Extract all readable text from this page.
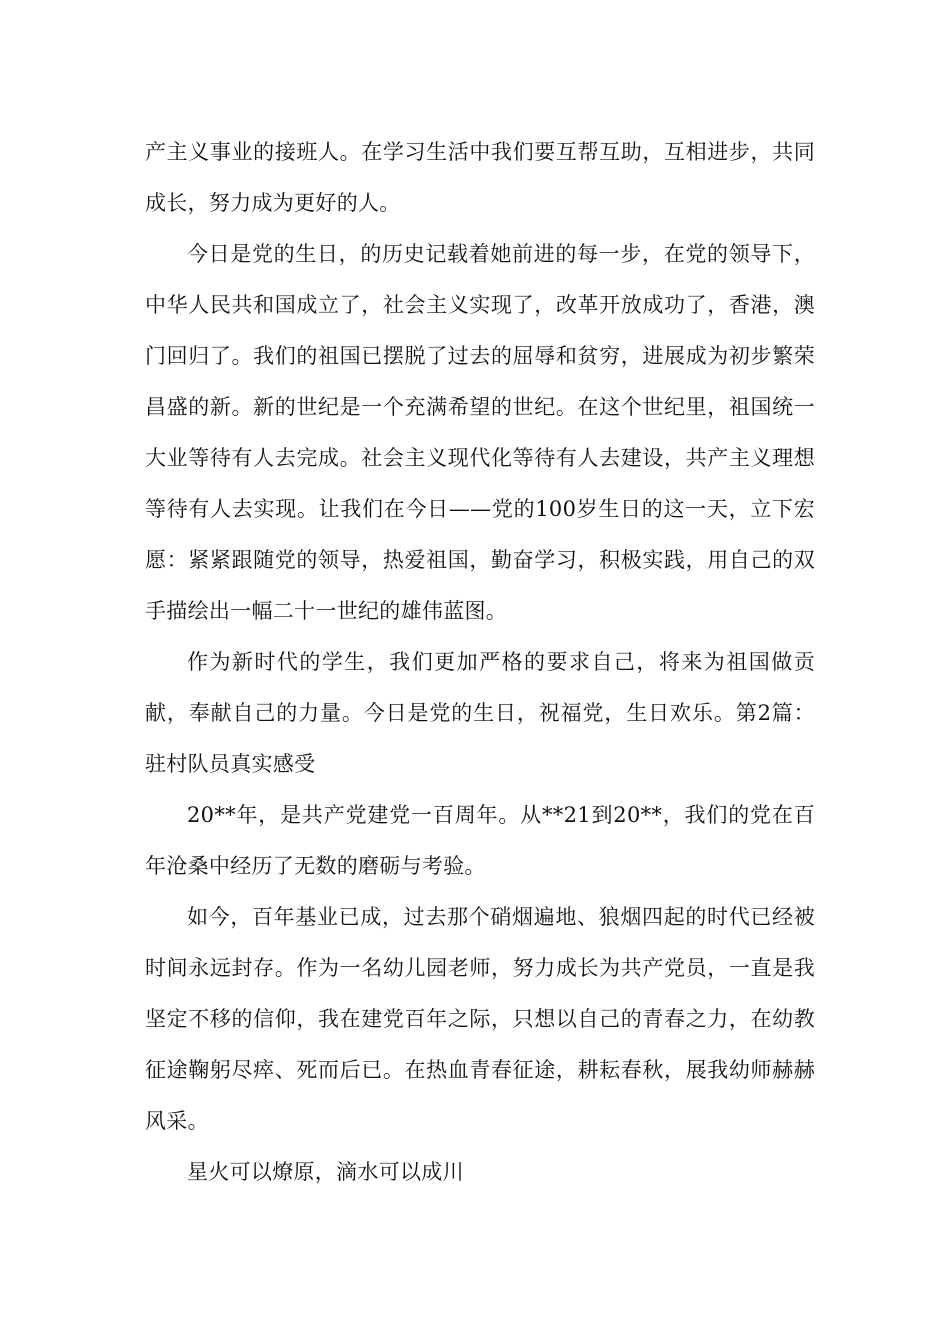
产主义事业的接班人。在学习生活中我们要互帮互助，互相进步，共同成长，努力成为更好的人。

今日是党的生日，的历史记载着她前进的每一步，在党的领导下，中华人民共和国成立了，社会主义实现了，改革开放成功了，香港，澳门回归了。我们的祖国已摆脱了过去的屈辱和贫穷，进展成为初步繁荣昌盛的新。新的世纪是一个充满希望的世纪。在这个世纪里，祖国统一大业等待有人去完成。社会主义现代化等待有人去建设，共产主义理想等待有人去实现。让我们在今日——党的100岁生日的这一天，立下宏愿：紧紧跟随党的领导，热爱祖国，勤奋学习，积极实践，用自己的双手描绘出一幅二十一世纪的雄伟蓝图。

作为新时代的学生，我们更加严格的要求自己，将来为祖国做贡献，奉献自己的力量。今日是党的生日，祝福党，生日欢乐。第2篇：驻村队员真实感受

20**年，是共产党建党一百周年。从**21到20**，我们的党在百年沧桑中经历了无数的磨砺与考验。

如今，百年基业已成，过去那个硝烟遍地、狼烟四起的时代已经被时间永远封存。作为一名幼儿园老师，努力成长为共产党员，一直是我坚定不移的信仰，我在建党百年之际，只想以自己的青春之力，在幼教征途鞠躬尽瘁、死而后已。在热血青春征途，耕耘春秋，展我幼师赫赫风采。

星火可以燎原，滴水可以成川
